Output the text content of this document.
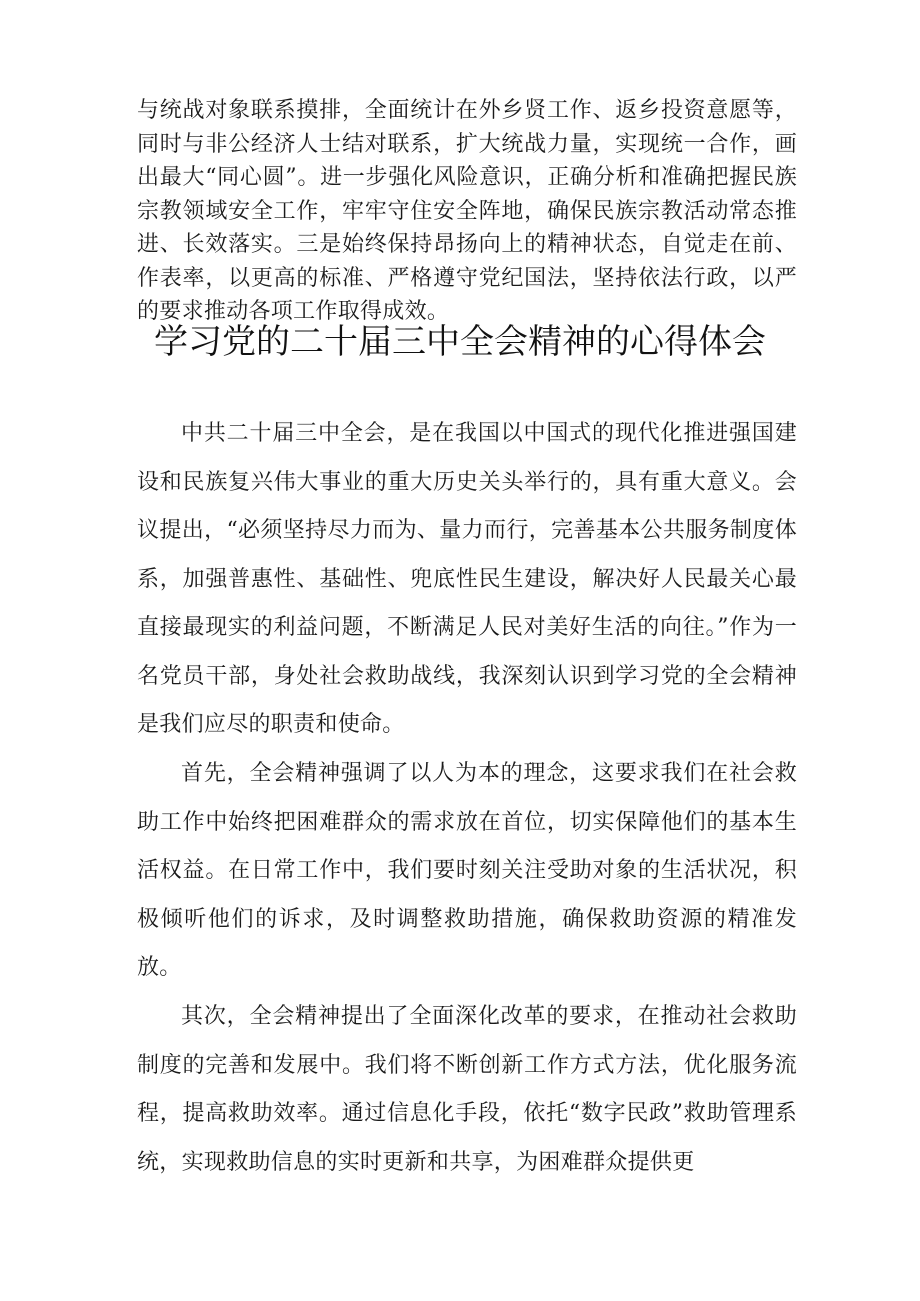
与统战对象联系摸排，全面统计在外乡贤工作、返乡投资意愿等，同时与非公经济人士结对联系，扩大统战力量，实现统一合作，画出最大“同心圆”。进一步强化风险意识，正确分析和准确把握民族宗教领域安全工作，牢牢守住安全阵地，确保民族宗教活动常态推进、长效落实。三是始终保持昂扬向上的精神状态，自觉走在前、作表率，以更高的标准、严格遵守党纪国法，坚持依法行政，以严的要求推动各项工作取得成效。

学习党的二十届三中全会精神的心得体会

中共二十届三中全会，是在我国以中国式的现代化推进强国建设和民族复兴伟大事业的重大历史关头举行的，具有重大意义。会议提出，“必须坚持尽力而为、量力而行，完善基本公共服务制度体系，加强普惠性、基础性、兜底性民生建设，解决好人民最关心最直接最现实的利益问题，不断满足人民对美好生活的向往。”作为一名党员干部，身处社会救助战线，我深刻认识到学习党的全会精神是我们应尽的职责和使命。

首先，全会精神强调了以人为本的理念，这要求我们在社会救助工作中始终把困难群众的需求放在首位，切实保障他们的基本生活权益。在日常工作中，我们要时刻关注受助对象的生活状况，积极倾听他们的诉求，及时调整救助措施，确保救助资源的精准发放。

其次，全会精神提出了全面深化改革的要求，在推动社会救助制度的完善和发展中。我们将不断创新工作方式方法，优化服务流程，提高救助效率。通过信息化手段，依托“数字民政”救助管理系统，实现救助信息的实时更新和共享，为困难群众提供更
